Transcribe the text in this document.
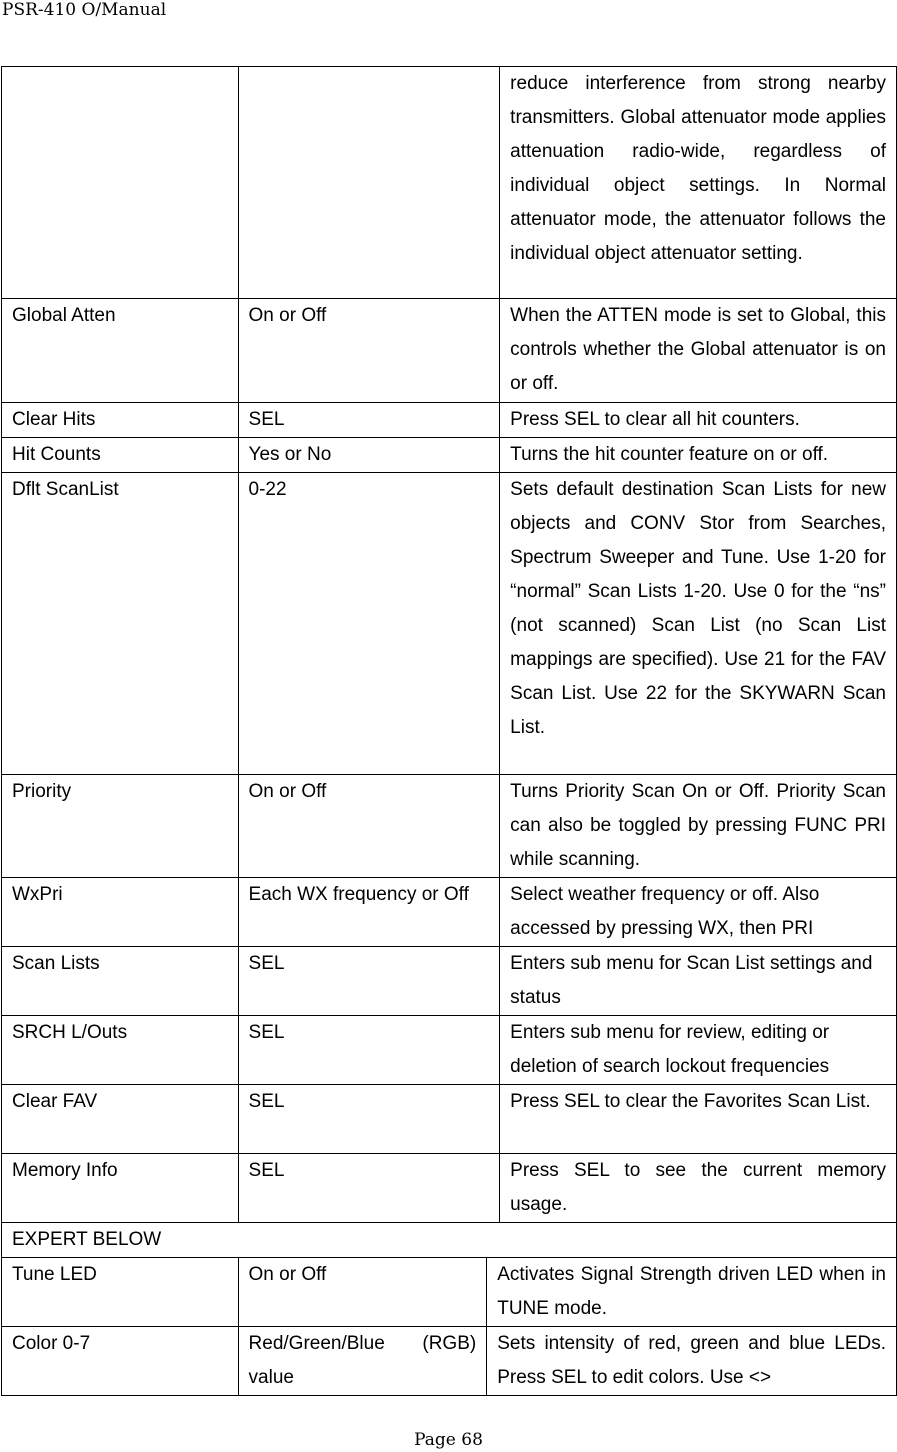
PSR-410 O/Manual
			reduce interference from strong nearby transmitters. Global attenuator mode applies attenuation radio-wide, regardless of individual object settings. In Normal attenuator mode, the attenuator follows the individual object attenuator setting.
Global Atten	On or Off		When the ATTEN mode is set to Global, this controls whether the Global attenuator is on or off.
Clear Hits	SEL		Press SEL to clear all hit counters.
Hit Counts	Yes or No		Turns the hit counter feature on or off.
Dflt ScanList	0-22		Sets default destination Scan Lists for new objects and CONV Stor from Searches, Spectrum Sweeper and Tune. Use 1-20 for “normal” Scan Lists 1-20. Use 0 for the “ns” (not scanned) Scan List (no Scan List mappings are specified). Use 21 for the FAV Scan List. Use 22 for the SKYWARN Scan List.
Priority	On or Off		Turns Priority Scan On or Off. Priority Scan can also be toggled by pressing FUNC PRI while scanning.
WxPri	Each WX frequency or Off		Select weather frequency or off. Also accessed by pressing WX, then PRI
Scan Lists	SEL		Enters sub menu for Scan List settings and status
SRCH L/Outs	SEL		Enters sub menu for review, editing or deletion of search lockout frequencies
Clear FAV	SEL		Press SEL to clear the Favorites Scan List.
Memory Info	SEL		Press SEL to see the current memory usage.
EXPERT BELOW			
Tune LED	On or Off	Activates Signal Strength driven LED when in TUNE mode.	
Color 0-7	Red/Green/Blue (RGB) value	Sets intensity of red, green and blue LEDs. Press SEL to edit colors. Use <>	
Page 68
